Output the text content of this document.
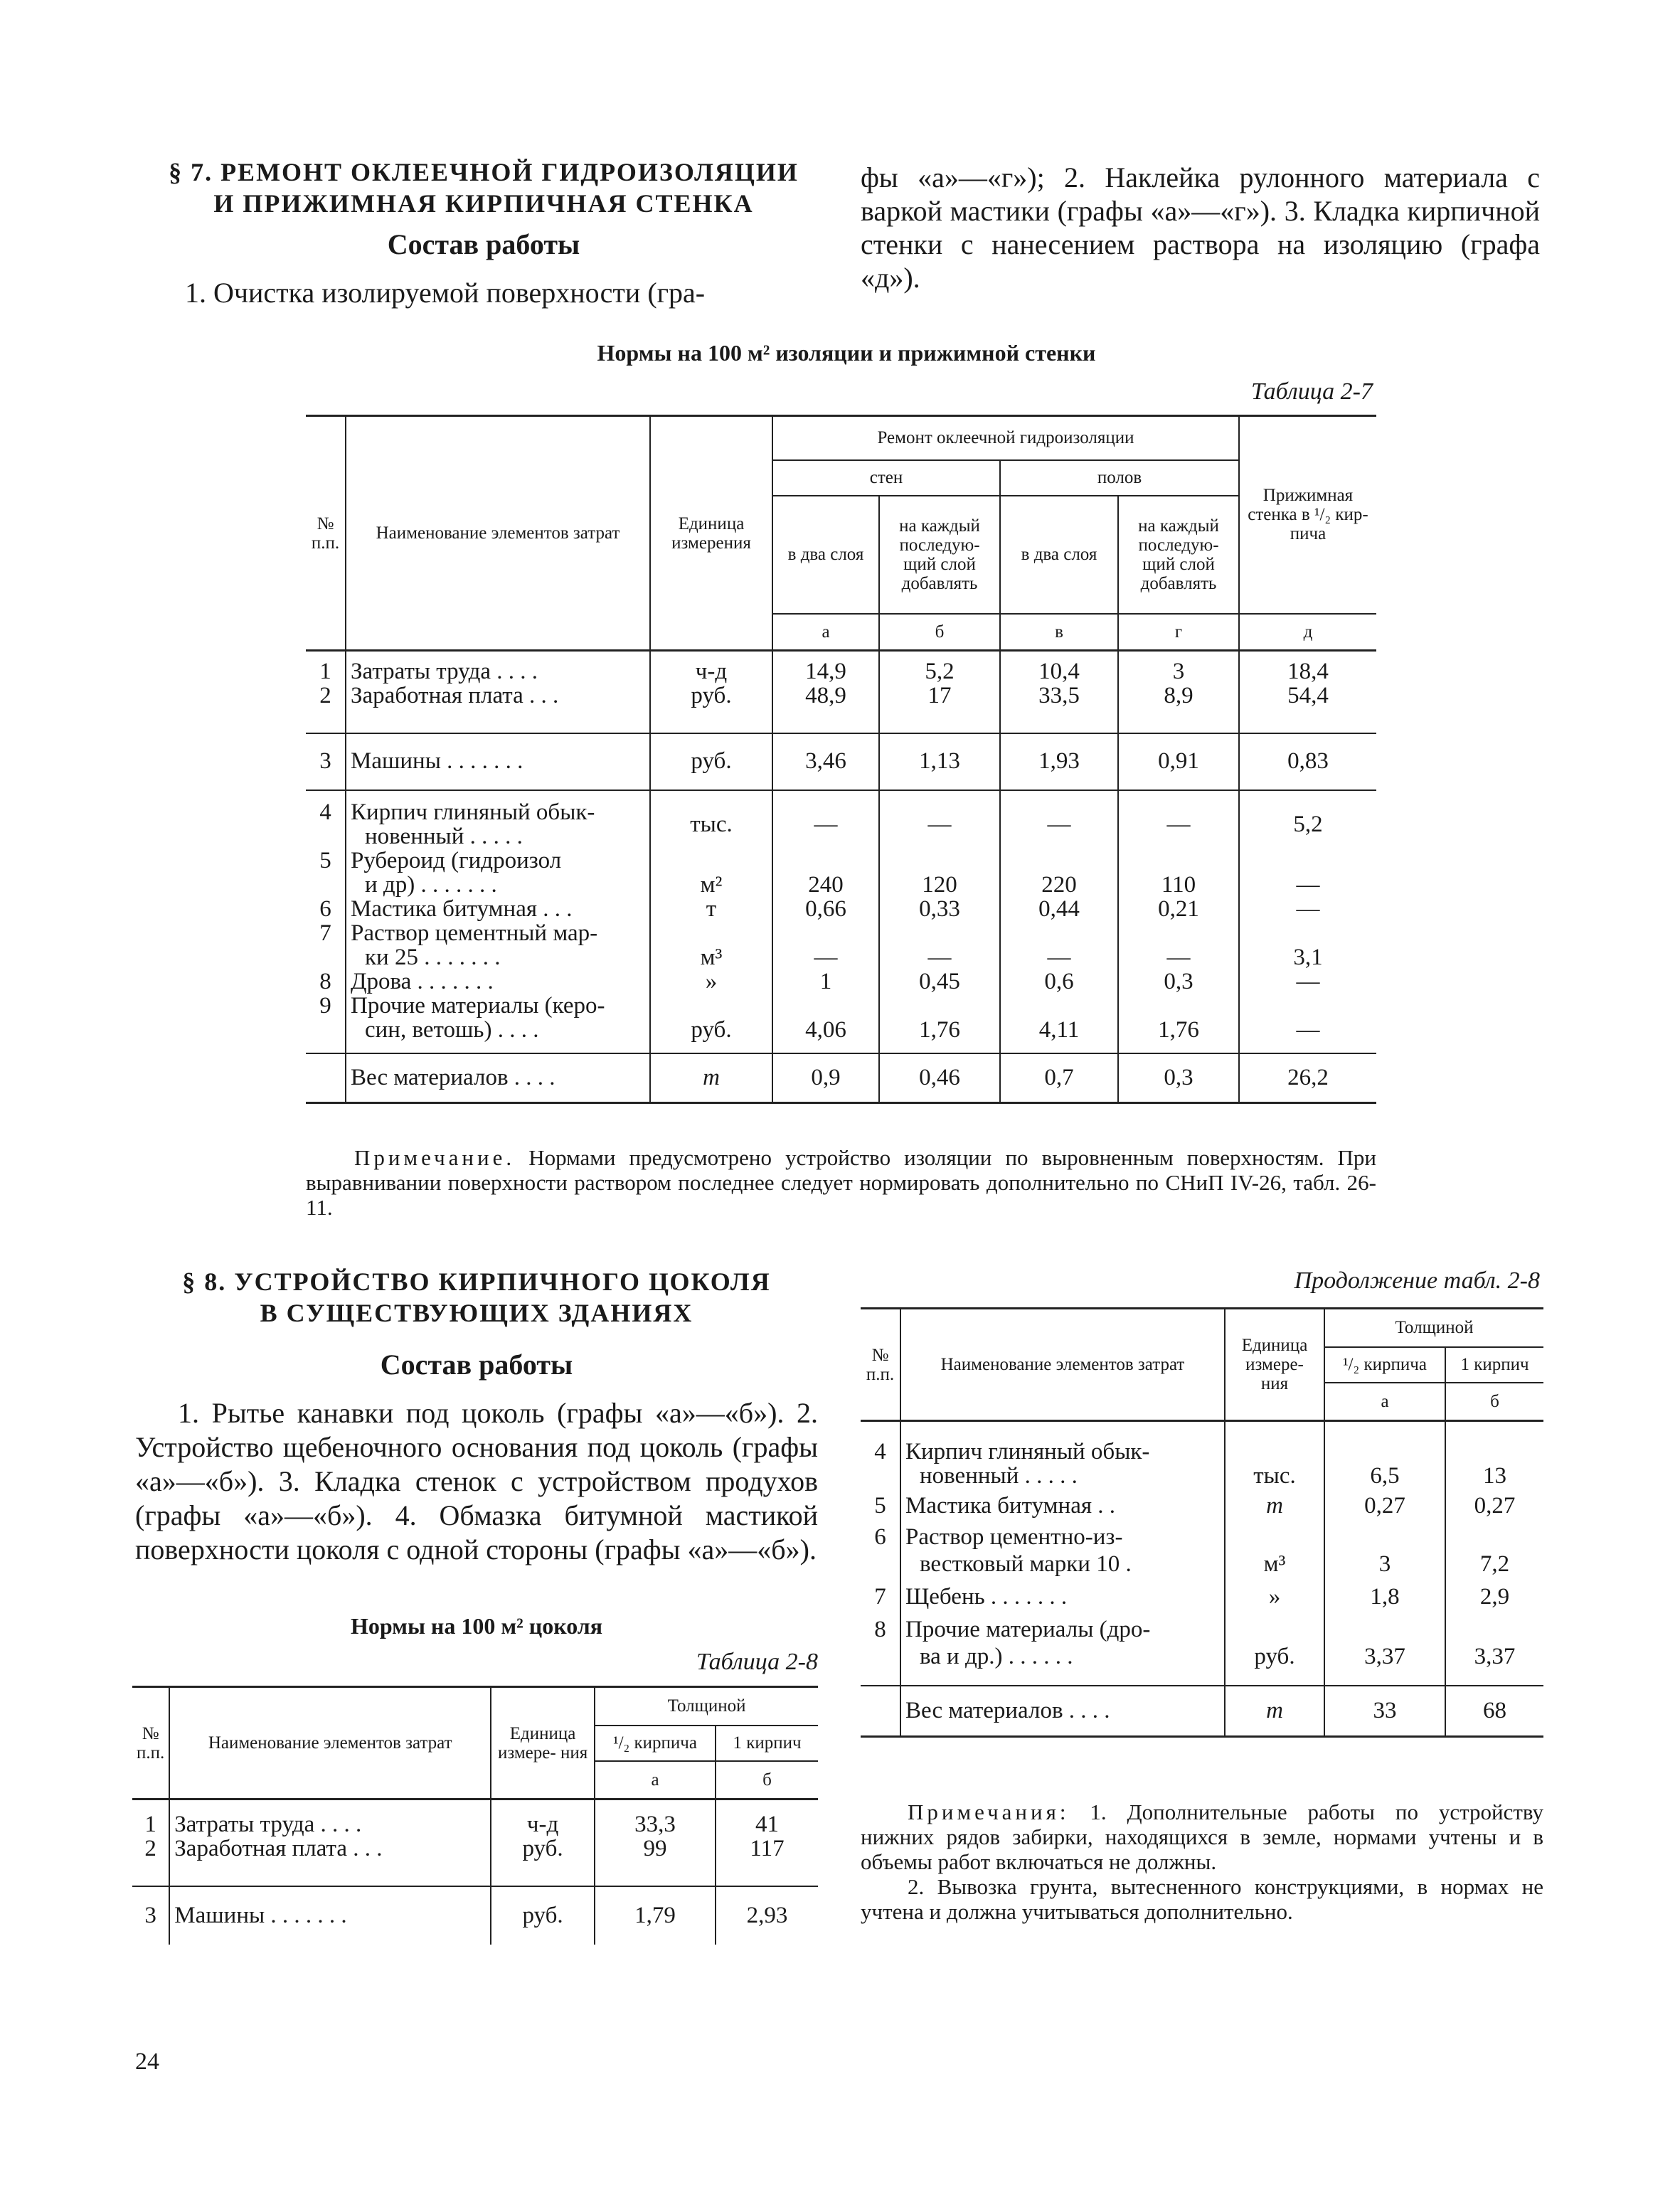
§ 7. РЕМОНТ ОКЛЕЕЧНОЙ ГИДРОИЗОЛЯЦИИ
И ПРИЖИМНАЯ КИРПИЧНАЯ СТЕНКА
Состав работы
1. Очистка изолируемой поверхности (гра-
фы «а»—«г»); 2. Наклейка рулонного материала с варкой мастики (графы «а»—«г»). 3. Кладка кирпичной стенки с нанесением раствора на изоляцию (графа «д»).
Нормы на 100 м² изоляции и прижимной стенки
Таблица 2-7
№ п.п.	Наименование элементов затрат	Единица измерения	Ремонт оклеечной гидроизоляции				Прижимная стенка в ¹/₂ кир- пича
			стен		полов		
			в два слоя	на каждый последую- щий слой добавлять	в два слоя	на каждый последую- щий слой добавлять	
			а	б	в	г	д

1	Затраты труда . . . .	ч-д	14,9	5,2	10,4	3	18,4
2	Заработная плата . . .	руб.	48,9	17	33,5	8,9	54,4

3	Машины . . . . . . .	руб.	3,46	1,13	1,93	0,91	0,83

4	Кирпич глиняный обык-
новенный . . . . .	тыс.	—	—	—	—	5,2
5	Рубероид (гидроизол
и др) . . . . . . .	м²	240	120	220	110	—
6	Мастика битумная . . .	т	0,66	0,33	0,44	0,21	—
7	Раствор цементный мар-
ки 25 . . . . . . .	м³	—	—	—	—	3,1
8	Дрова . . . . . . .	»	1	0,45	0,6	0,3	—
9	Прочие материалы (керо-
син, ветошь) . . . .	руб.	4,06	1,76	4,11	1,76	—

	Вес материалов . . . .	т	0,9	0,46	0,7	0,3	26,2
Примечание. Нормами предусмотрено устройство изоляции по выровненным поверхностям. При выравнивании поверхности раствором последнее следует нормировать дополнительно по СНиП IV-26, табл. 26-11.
§ 8. УСТРОЙСТВО КИРПИЧНОГО ЦОКОЛЯ
В СУЩЕСТВУЮЩИХ ЗДАНИЯХ
Состав работы
1. Рытье канавки под цоколь (графы «а»—«б»). 2. Устройство щебеночного основания под цоколь (графы «а»—«б»). 3. Кладка стенок с устройством продухов (графы «а»—«б»). 4. Обмазка битумной мастикой поверхности цоколя с одной стороны (графы «а»—«б»).
Нормы на 100 м² цоколя
Таблица 2-8
Продолжение табл. 2-8
№ п.п.	Наименование элементов затрат	Единица измере- ния	Толщиной	
			¹/₂ кирпича	1 кирпич
			а	б

1	Затраты труда . . . .	ч-д	33,3	41
2	Заработная плата . . .	руб.	99	117

3	Машины . . . . . . .	руб.	1,79	2,93
№ п.п.	Наименование элементов затрат	Единица измере- ния	Толщиной	
			¹/₂ кирпича	1 кирпич
			а	б

4	Кирпич глиняный обык-
новенный . . . . .	тыс.	6,5	13
5	Мастика битумная . .	т	0,27	0,27
6	Раствор цементно-из-
вестковый марки 10 .	м³	3	7,2
7	Щебень . . . . . . .	»	1,8	2,9
8	Прочие материалы (дро-
ва и др.) . . . . . .	руб.	3,37	3,37

	Вес материалов . . . .	т	33	68
Примечания: 1. Дополнительные работы по устройству нижних рядов забирки, находящихся в земле, нормами учтены и в объемы работ включаться не должны.
2. Вывозка грунта, вытесненного конструкциями, в нормах не учтена и должна учитываться дополнительно.
24
